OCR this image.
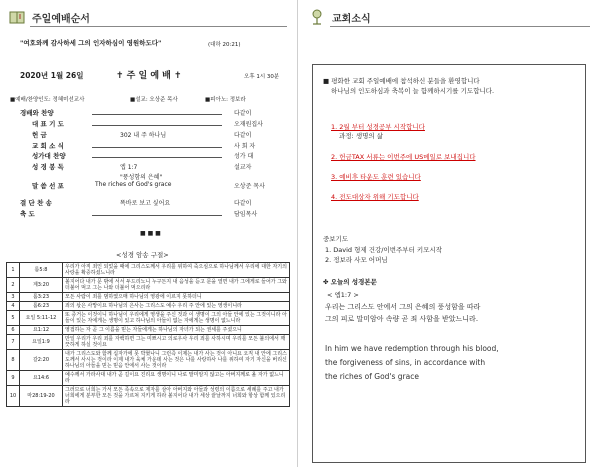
주일예배순서
"여호와께 감사하세 그의 인자하심이 영원하도다"	(대하 20:21)
2020년 1월 26일	✝ 주 일 예 배 ✝	오후 1시 30분
■예배/찬양인도: 정혜미선교사	■설교: 오상준 목사	■피아노: 정보라
경배와 찬양	다같이
대 표 기 도	오재원집사
헌 금	302 내 주 하나님	다같이
교 회 소 식	사 회 자
성가대 찬양	성가 대
성 경 봉 독	엡 1:7	설교자
"풍성함의 은혜"
말 씀 선 포	The riches of God's grace	오상준 목사
결 단 찬 송	똑바로 보고 싶어요	다같이
축 도	담임목사
■ ■ ■
<성경 암송 구절>
1	롬5:8	우리가 아직 죄인 되었을 때에 그리스도께서 우리를 위하여 죽으심으로 하나님께서 우리에 대한 자기의 사랑을 확증하셨느니라
2	계3:20	볼지어다 내가 문 밖에 서서 두드리노니 누구든지 내 음성을 듣고 문을 열면 내가 그에게로 들어가 그와 더불어 먹고 그는 나와 더불어 먹으리라
3	롬3:23	모든 사람이 죄를 범하였으매 하나님의 영광에 이르지 못하더니
4	롬6:23	죄의 삯은 사망이요 하나님의 은사는 그리스도 예수 우리 주 안에 있는 영생이니라
5	요일 5:11-12	또 증거는 이것이니 하나님이 우리에게 영생을 주신 것과 이 생명이 그의 아들 안에 있는 그것이니라 아들이 있는 자에게는 생명이 있고 하나님의 아들이 없는 자에게는 생명이 없느니라
6	요1:12	영접하는 자 곧 그 이름을 믿는 자들에게는 하나님의 자녀가 되는 권세를 주셨으니
7	요일1:9	만일 우리가 우리 죄를 자백하면 그는 미쁘시고 의로우사 우리 죄를 사하시며 우리를 모든 불의에서 깨끗하게 하실 것이요
8	갈2:20	내가 그리스도와 함께 십자가에 못 박혔나니 그런즉 이제는 내가 사는 것이 아니요 오직 내 안에 그리스도께서 사시는 것이라 이제 내가 육체 가운데 사는 것은 나를 사랑하사 나를 위하여 자기 자신을 버리신 하나님의 아들을 믿는 믿음 안에서 사는 것이라
9	요14:6	예수께서 가라사대 내가 곧 길이요 진리요 생명이니 나로 말미암지 않고는 아버지께로 올 자가 없느니라
10	마28:19-20	그러므로 너희는 가서 모든 족속으로 제자를 삼아 아버지와 아들과 성령의 이름으로 세례를 주고 내가 너희에게 분부한 모든 것을 가르쳐 지키게 하라 볼지어다 내가 세상 끝날까지 너희와 항상 함께 있으리라
교회소식
■ 평화한 교회 주일예배에 참석하신 분들을 환영합니다
하나님의 인도하심과 축복이 늘 함께하시기를 기도합니다.
1. 2월 부터 성경공부 시작합니다
과정: 생명의 삶
2. 헌금TAX 서류는 이번주에 US메일로 보내집니다
3. 예비후 타운도 훈련 있습니다
4. 전도대상자 위해 기도합니다
중보기도
1. David 형제 건강/이번주부터 키모시작
2. 정보라 사모 어머님
✤ 오늘의 성경본문
< 엡1:7 >
우리는 그리스도 안에서 그의 은혜의 풍성함을 따라
그의 피로 말미암아 속량 곧 죄 사함을 받았느니라.
In him we have redemption through his blood,
the forgiveness of sins, in accordance with
the riches of God's grace
